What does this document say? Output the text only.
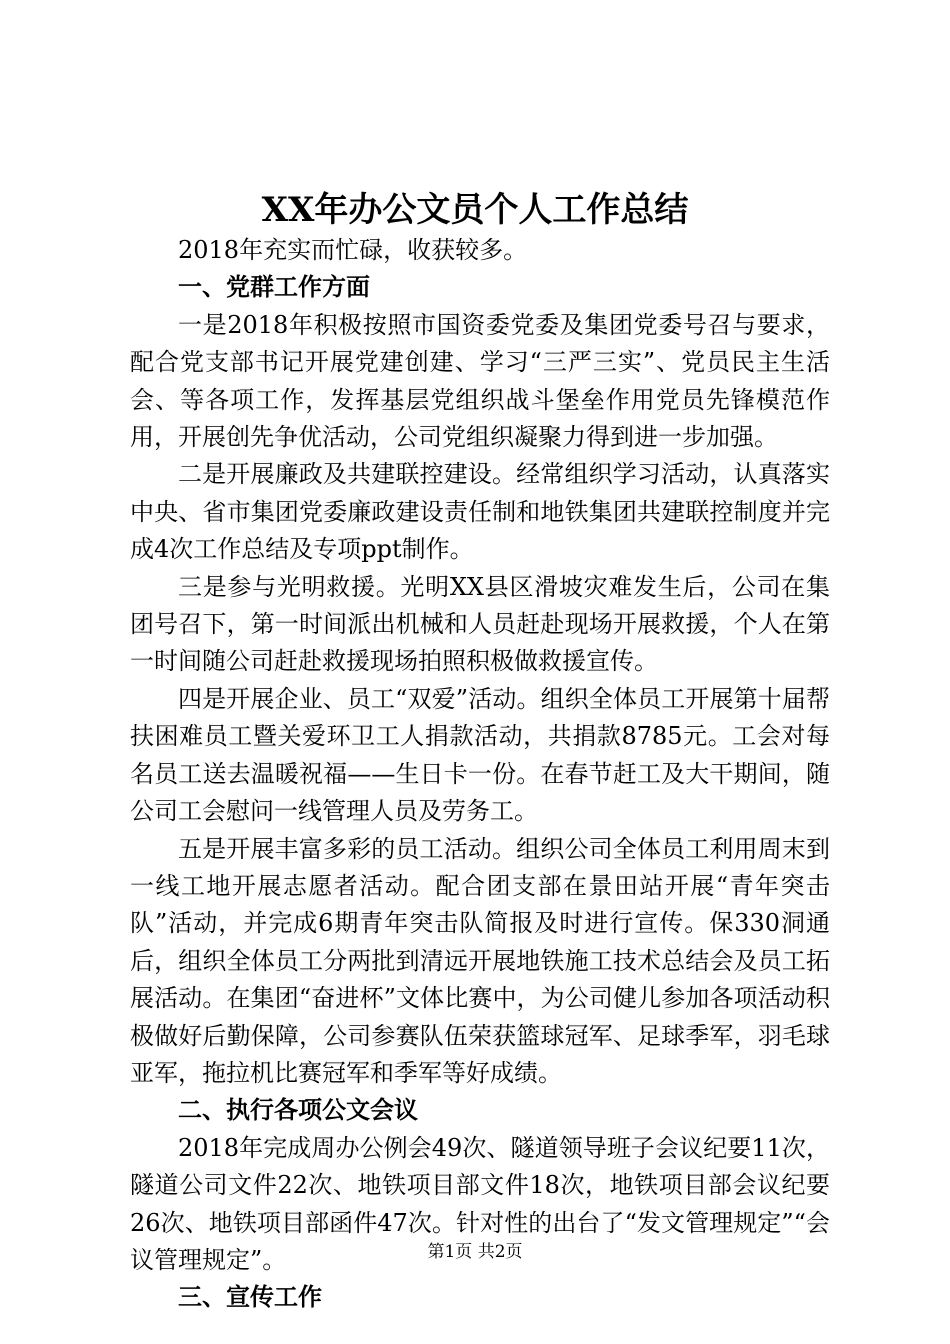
XX年办公文员个人工作总结

2018年充实而忙碌，收获较多。

一、党群工作方面

一是2018年积极按照市国资委党委及集团党委号召与要求，配合党支部书记开展党建创建、学习“三严三实”、党员民主生活会、等各项工作，发挥基层党组织战斗堡垒作用党员先锋模范作用，开展创先争优活动，公司党组织凝聚力得到进一步加强。

二是开展廉政及共建联控建设。经常组织学习活动，认真落实中央、省市集团党委廉政建设责任制和地铁集团共建联控制度并完成4次工作总结及专项ppt制作。

三是参与光明救援。光明XX县区滑坡灾难发生后，公司在集团号召下，第一时间派出机械和人员赶赴现场开展救援，个人在第一时间随公司赶赴救援现场拍照积极做救援宣传。

四是开展企业、员工“双爱”活动。组织全体员工开展第十届帮扶困难员工暨关爱环卫工人捐款活动，共捐款8785元。工会对每名员工送去温暖祝福——生日卡一份。在春节赶工及大干期间，随公司工会慰问一线管理人员及劳务工。

五是开展丰富多彩的员工活动。组织公司全体员工利用周末到一线工地开展志愿者活动。配合团支部在景田站开展“青年突击队”活动，并完成6期青年突击队简报及时进行宣传。保330洞通后，组织全体员工分两批到清远开展地铁施工技术总结会及员工拓展活动。在集团“奋进杯”文体比赛中，为公司健儿参加各项活动积极做好后勤保障，公司参赛队伍荣获篮球冠军、足球季军，羽毛球亚军，拖拉机比赛冠军和季军等好成绩。

二、执行各项公文会议

2018年完成周办公例会49次、隧道领导班子会议纪要11次，隧道公司文件22次、地铁项目部文件18次，地铁项目部会议纪要26次、地铁项目部函件47次。针对性的出台了“发文管理规定”“会议管理规定”。

三、宣传工作
第1页 共2页
